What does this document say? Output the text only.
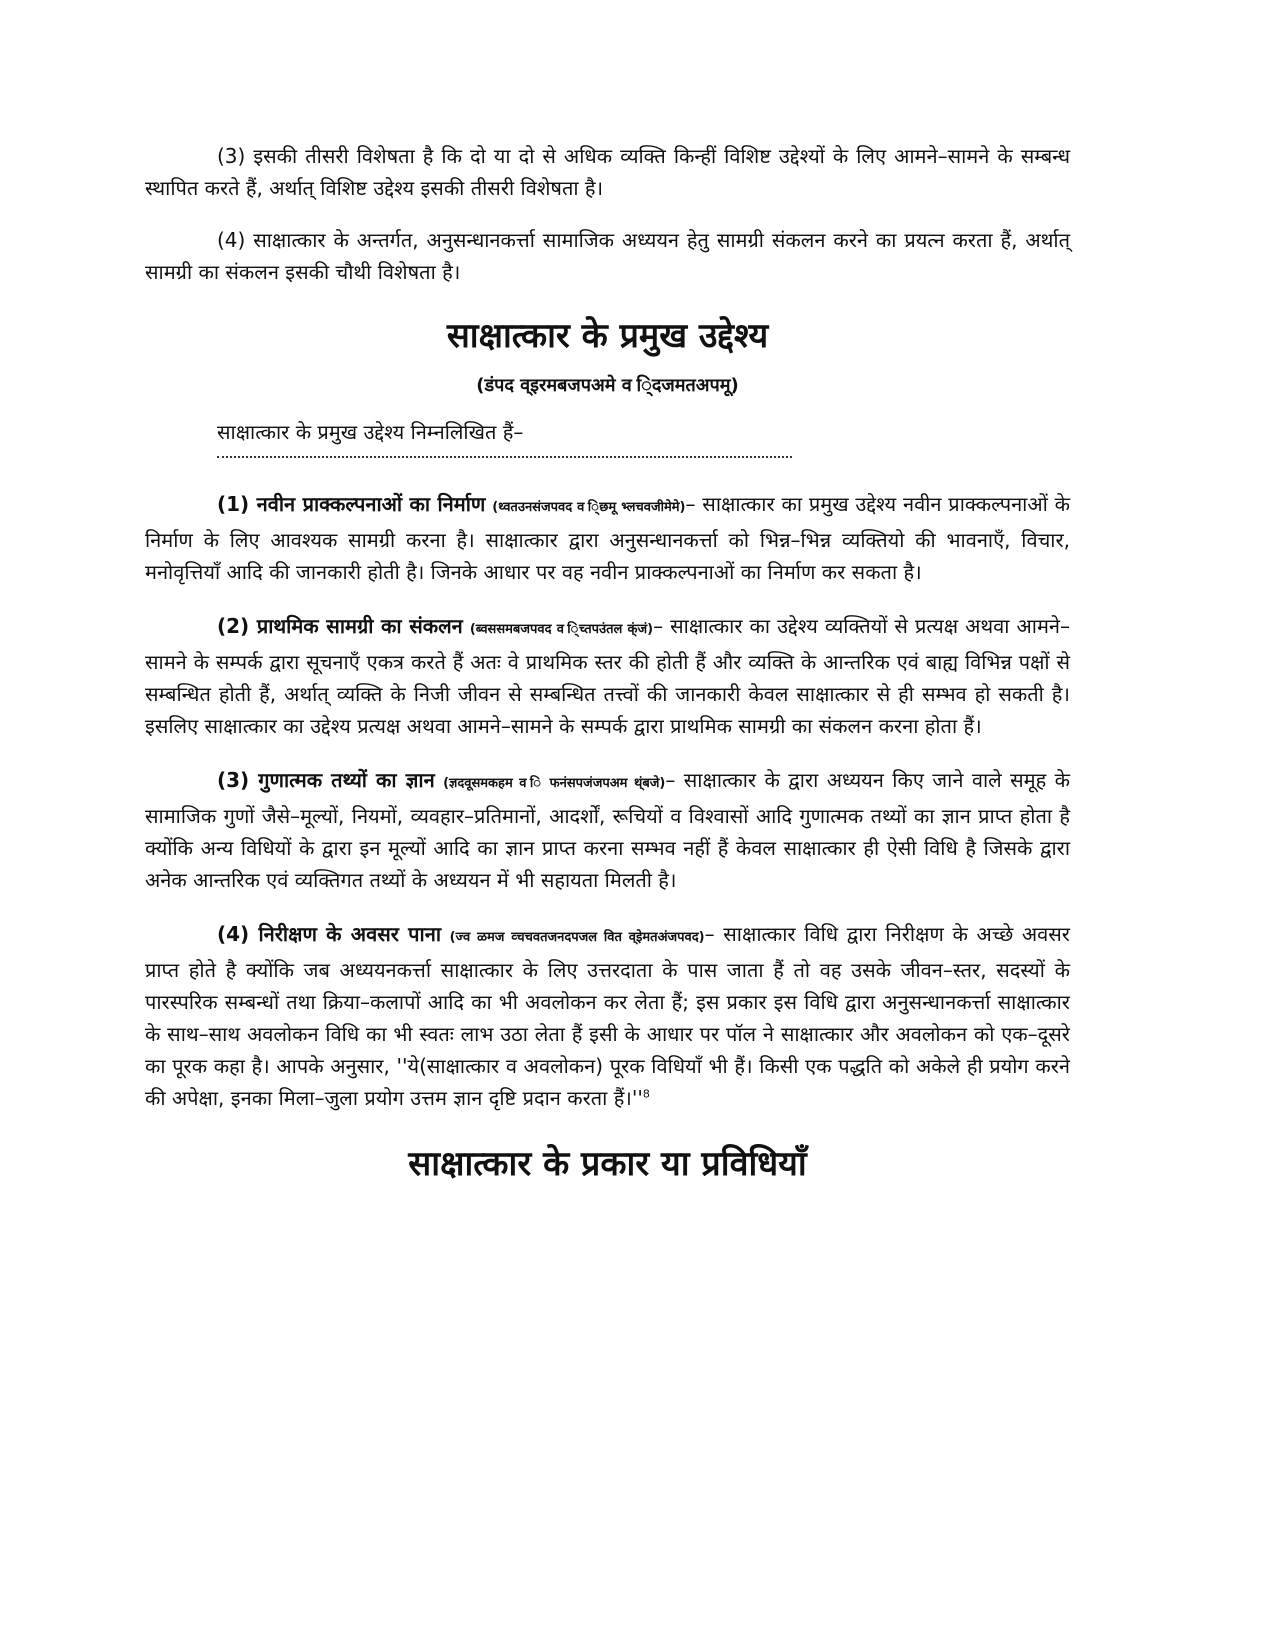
(3) इसकी तीसरी विशेषता है कि दो या दो से अधिक व्यक्ति किन्हीं विशिष्ट उद्देश्यों के लिए आमने–सामने के सम्बन्ध स्थापित करते हैं, अर्थात् विशिष्ट उद्देश्य इसकी तीसरी विशेषता है।

(4) साक्षात्कार के अन्तर्गत, अनुसन्धानकर्त्ता सामाजिक अध्ययन हेतु सामग्री संकलन करने का प्रयत्न करता हैं, अर्थात् सामग्री का संकलन इसकी चौथी विशेषता है।

साक्षात्कार के प्रमुख उद्देश्य

(डंपद व्इरमबजपअमे व ि्दजमतअपमू)

साक्षात्कार के प्रमुख उद्देश्य निम्नलिखित हैं–

(1) नवीन प्राक्कल्पनाओं का निर्माण (थ्वतउनसंजपवद व ि्छमू भ्लचवजीमेमे)– साक्षात्कार का प्रमुख उद्देश्य नवीन प्राक्कल्पनाओं के निर्माण के लिए आवश्यक सामग्री करना है। साक्षात्कार द्वारा अनुसन्धानकर्त्ता को भिन्न–भिन्न व्यक्तियो की भावनाएँ, विचार, मनोवृत्तियाँ आदि की जानकारी होती है। जिनके आधार पर वह नवीन प्राक्कल्पनाओं का निर्माण कर सकता है।

(2) प्राथमिक सामग्री का संकलन (ब्वससमबजपवद व ि्च्तपउंतल क्ंजं)– साक्षात्कार का उद्देश्य व्यक्तियों से प्रत्यक्ष अथवा आमने–सामने के सम्पर्क द्वारा सूचनाएँ एकत्र करते हैं अतः वे प्राथमिक स्तर की होती हैं और व्यक्ति के आन्तरिक एवं बाह्य विभिन्न पक्षों से सम्बन्धित होती हैं, अर्थात् व्यक्ति के निजी जीवन से सम्बन्धित तत्त्वों की जानकारी केवल साक्षात्कार से ही सम्भव हो सकती है। इसलिए साक्षात्कार का उद्देश्य प्रत्यक्ष अथवा आमने–सामने के सम्पर्क द्वारा प्राथमिक सामग्री का संकलन करना होता हैं।

(3) गुणात्मक तथ्यों का ज्ञान (ज्ञदवूसमकहम व ि फनंसपजंजपअम थ्ंबजे)– साक्षात्कार के द्वारा अध्ययन किए जाने वाले समूह के सामाजिक गुणों जैसे–मूल्यों, नियमों, व्यवहार–प्रतिमानों, आदर्शों, रूचियों व विश्वासों आदि गुणात्मक तथ्यों का ज्ञान प्राप्त होता है क्योंकि अन्य विधियों के द्वारा इन मूल्यों आदि का ज्ञान प्राप्त करना सम्भव नहीं हैं केवल साक्षात्कार ही ऐसी विधि है जिसके द्वारा अनेक आन्तरिक एवं व्यक्तिगत तथ्यों के अध्ययन में भी सहायता मिलती है।

(4) निरीक्षण के अवसर पाना (ज्व ळमज व्चचवतजनदपजल वित व्इेमतअंजपवद)– साक्षात्कार विधि द्वारा निरीक्षण के अच्छे अवसर प्राप्त होते है क्योंकि जब अध्ययनकर्त्ता साक्षात्कार के लिए उत्तरदाता के पास जाता हैं तो वह उसके जीवन–स्तर, सदस्यों के पारस्परिक सम्बन्धों तथा क्रिया–कलापों आदि का भी अवलोकन कर लेता हैं; इस प्रकार इस विधि द्वारा अनुसन्धानकर्त्ता साक्षात्कार के साथ–साथ अवलोकन विधि का भी स्वतः लाभ उठा लेता हैं इसी के आधार पर पॉल ने साक्षात्कार और अवलोकन को एक–दूसरे का पूरक कहा है। आपके अनुसार, ''ये(साक्षात्कार व अवलोकन) पूरक विधियाँ भी हैं। किसी एक पद्धति को अकेले ही प्रयोग करने की अपेक्षा, इनका मिला–जुला प्रयोग उत्तम ज्ञान दृष्टि प्रदान करता हैं।''$^8$

साक्षात्कार के प्रकार या प्रविधियाँ
